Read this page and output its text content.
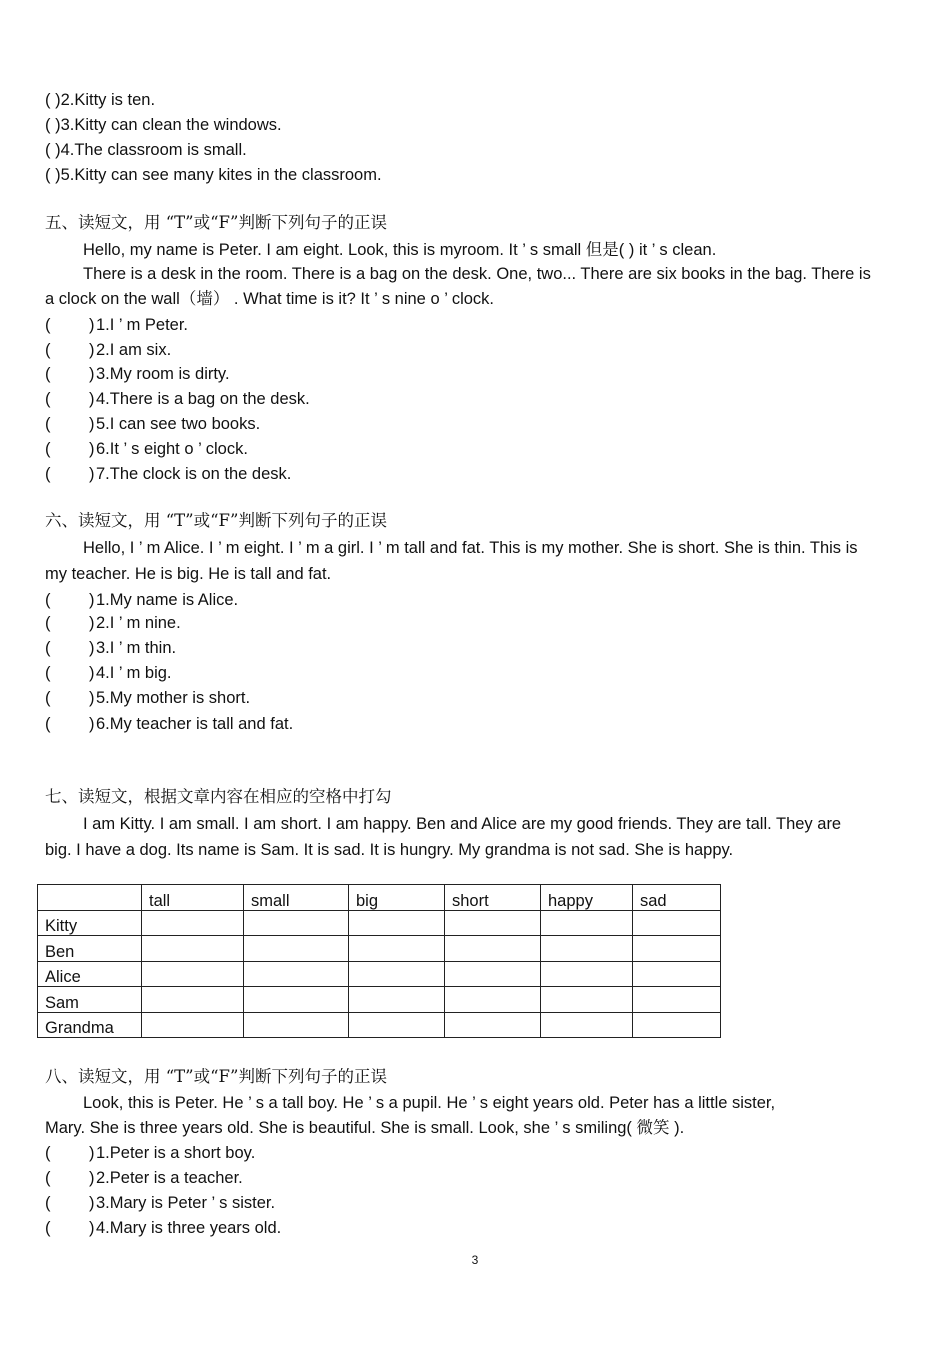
( )2.Kitty is ten.
( )3.Kitty can clean the windows.
( )4.The classroom is small.
( )5.Kitty can see many kites in the classroom.
五、读短文，用 “T”或“F”判断下列句子的正误
Hello, my name is Peter. I am eight. Look, this is myroom. It ’ s small 但是( ) it ’ s clean.
There is a desk in the room. There is a bag on the desk. One, two... There are six books in the bag. There is
a clock on the wall（墙） . What time is it? It ’ s nine o ’ clock.
( ) 1.I ’ m Peter.
( ) 2.I am six.
( ) 3.My room is dirty.
( ) 4.There is a bag on the desk.
( ) 5.I can see two books.
( ) 6.It ’ s eight o ’ clock.
( ) 7.The clock is on the desk.
六、读短文，用 “T”或“F”判断下列句子的正误
Hello, I ’ m Alice. I ’ m eight. I ’ m a girl. I ’ m tall and fat. This is my mother. She is short. She is thin. This is
my teacher. He is big. He is tall and fat.
( ) 1.My name is Alice.
( ) 2.I ’ m nine.
( ) 3.I ’ m thin.
( ) 4.I ’ m big.
( ) 5.My mother is short.
( ) 6.My teacher is tall and fat.
七、读短文，根据文章内容在相应的空格中打勾
I am Kitty. I am small. I am short. I am happy. Ben and Alice are my good friends. They are tall. They are
big. I have a dog. Its name is Sam. It is sad. It is hungry. My grandma is not sad. She is happy.
	tall	small	big	short	happy	sad
Kitty						
Ben						
Alice						
Sam						
Grandma						
八、读短文，用 “T”或“F”判断下列句子的正误
Look, this is Peter. He ’ s a tall boy. He ’ s a pupil. He ’ s eight years old. Peter has a little sister,
Mary. She is three years old. She is beautiful. She is small. Look, she ’ s smiling( 微笑 ).
( ) 1.Peter is a short boy.
( ) 2.Peter is a teacher.
( ) 3.Mary is Peter ’ s sister.
( ) 4.Mary is three years old.
3
